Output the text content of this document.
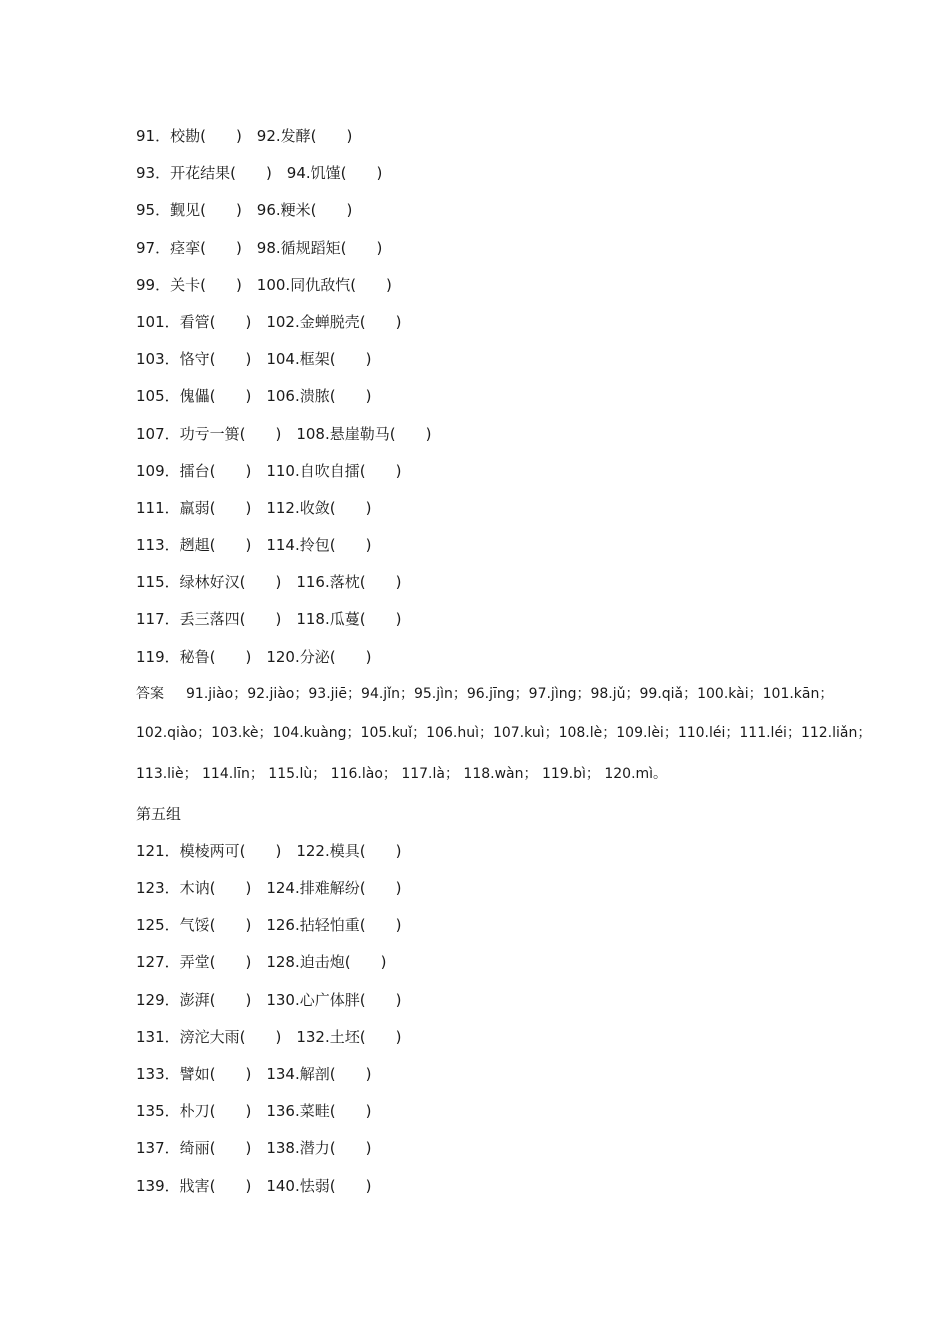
91．校勘(　　)　92.发酵(　　)
93．开花结果(　　)　94.饥馑(　　)
95．觐见(　　)　96.粳米(　　)
97．痉挛(　　)　98.循规蹈矩(　　)
99．关卡(　　)　100.同仇敌忾(　　)
101．看管(　　)　102.金蝉脱壳(　　)
103．恪守(　　)　104.框架(　　)
105．傀儡(　　)　106.溃脓(　　)
107．功亏一篑(　　)　108.悬崖勒马(　　)
109．擂台(　　)　110.自吹自擂(　　)
111．羸弱(　　)　112.收敛(　　)
113．趔趄(　　)　114.拎包(　　)
115．绿林好汉(　　)　116.落枕(　　)
117．丢三落四(　　)　118.瓜蔓(　　)
119．秘鲁(　　)　120.分泌(　　)
答案 91.jiào；92.jiào；93.jiē；94.jǐn；95.jìn；96.jīng；97.jìng；98.jǔ；99.qiǎ；100.kài；101.kān；
102.qiào；103.kè；104.kuàng；105.kuǐ；106.huì；107.kuì；108.lè；109.lèi；110.léi；111.léi；112.liǎn；
113.liè； 114.līn； 115.lù； 116.lào； 117.là； 118.wàn； 119.bì； 120.mì。
第五组
121．模棱两可(　　)　122.模具(　　)
123．木讷(　　)　124.排难解纷(　　)
125．气馁(　　)　126.拈轻怕重(　　)
127．弄堂(　　)　128.迫击炮(　　)
129．澎湃(　　)　130.心广体胖(　　)
131．滂沱大雨(　　)　132.土坯(　　)
133．譬如(　　)　134.解剖(　　)
135．朴刀(　　)　136.菜畦(　　)
137．绮丽(　　)　138.潜力(　　)
139．戕害(　　)　140.怯弱(　　)
